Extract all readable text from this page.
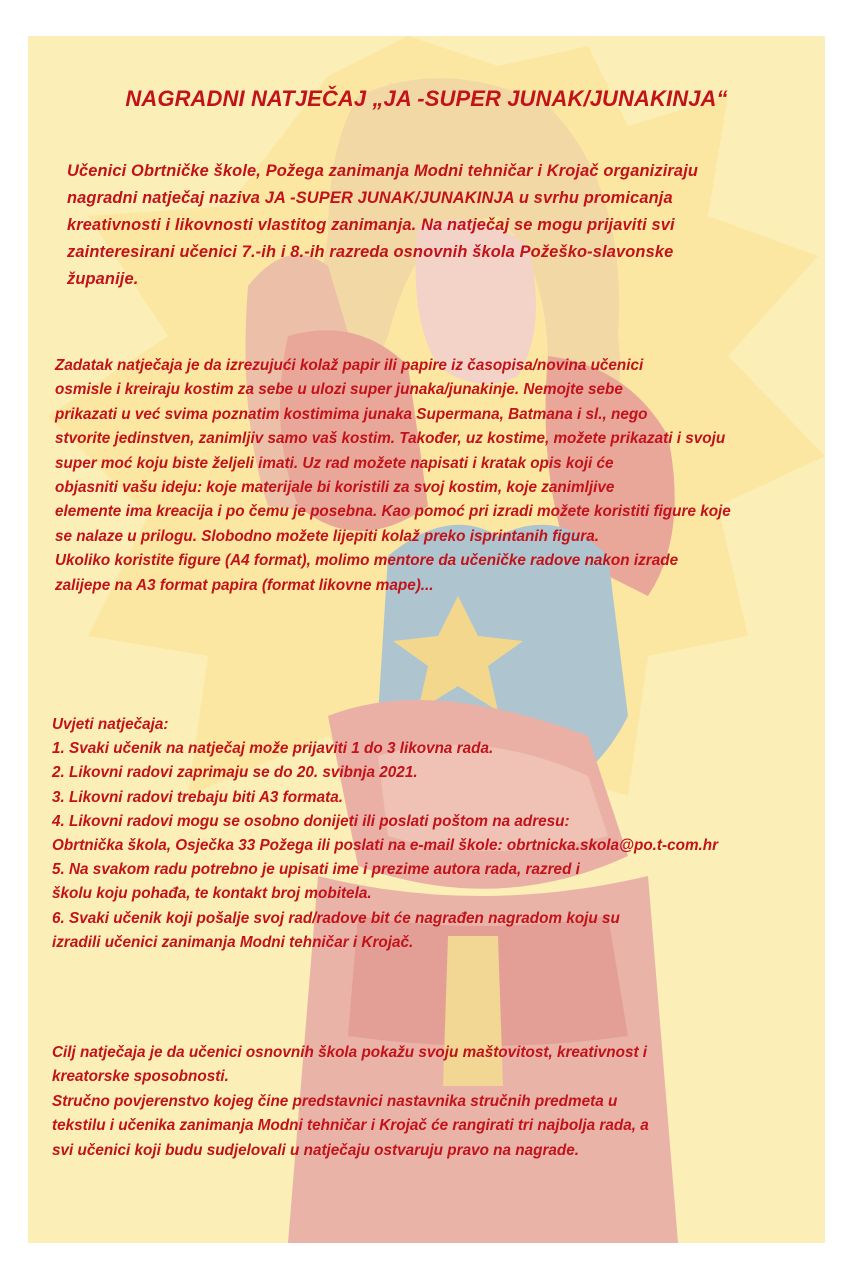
NAGRADNI NATJEČAJ „JA -SUPER JUNAK/JUNAKINJA“
Učenici Obrtničke škole, Požega zanimanja Modni tehničar i Krojač organiziraju
nagradni natječaj naziva JA -SUPER JUNAK/JUNAKINJA u svrhu promicanja
kreativnosti i likovnosti vlastitog zanimanja. Na natječaj se mogu prijaviti svi
zainteresirani učenici 7.-ih i 8.-ih razreda osnovnih škola Požeško-slavonske
županije.
Zadatak natječaja je da izrezujući kolaž papir ili papire iz časopisa/novina učenici
osmisle i kreiraju kostim za sebe u ulozi super junaka/junakinje. Nemojte sebe
prikazati u već svima poznatim kostimima junaka Supermana, Batmana i sl., nego
stvorite jedinstven, zanimljiv samo vaš kostim. Također, uz kostime, možete prikazati i svoju
super moć koju biste željeli imati. Uz rad možete napisati i kratak opis koji će
objasniti vašu ideju: koje materijale bi koristili za svoj kostim, koje zanimljive
elemente ima kreacija i po čemu je posebna. Kao pomoć pri izradi možete koristiti figure koje
se nalaze u prilogu. Slobodno možete lijepiti kolaž preko isprintanih figura.
Ukoliko koristite figure (A4 format), molimo mentore da učeničke radove nakon izrade
zalijepe na A3 format papira (format likovne mape)...
Uvjeti natječaja:
1. Svaki učenik na natječaj može prijaviti 1 do 3 likovna rada.
2. Likovni radovi zaprimaju se do 20. svibnja 2021.
3. Likovni radovi trebaju biti A3 formata.
4. Likovni radovi mogu se osobno donijeti ili poslati poštom na adresu:
Obrtnička škola, Osječka 33 Požega ili poslati na e-mail škole: obrtnicka.skola@po.t-com.hr
5. Na svakom radu potrebno je upisati ime i prezime autora rada, razred i
školu koju pohađa, te kontakt broj mobitela.
6. Svaki učenik koji pošalje svoj rad/radove bit će nagrađen nagradom koju su
izradili učenici zanimanja Modni tehničar i Krojač.
Cilj natječaja je da učenici osnovnih škola pokažu svoju maštovitost, kreativnost i
kreatorske sposobnosti.
Stručno povjerenstvo kojeg čine predstavnici nastavnika stručnih predmeta u
tekstilu i učenika zanimanja Modni tehničar i Krojač će rangirati tri najbolja rada, a
svi učenici koji budu sudjelovali u natječaju ostvaruju pravo na nagrade.
